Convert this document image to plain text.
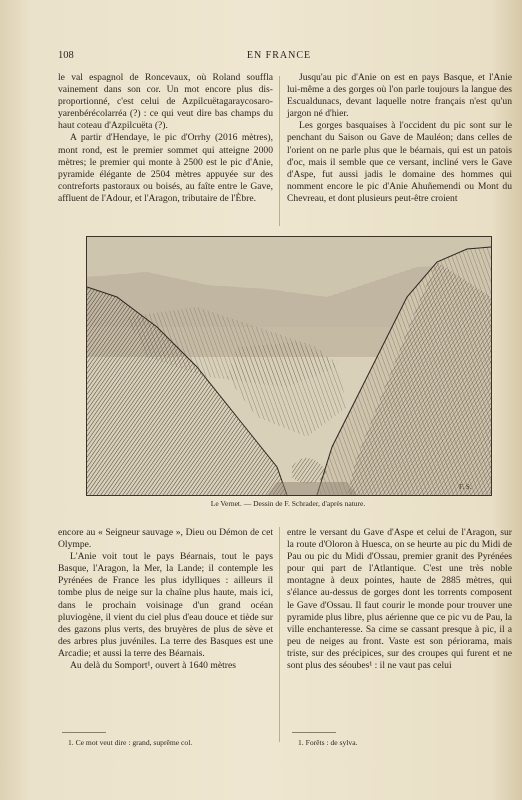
108	EN FRANCE

le val espagnol de Roncevaux, où Roland souffla vainement dans son cor. Un mot encore plus disproportionné, c'est celui de Azpilcuëtagaraycosaroyarenbérécolarréa (?) : ce qui veut dire bas champs du haut coteau d'Azpilcuëta (?).

A partir d'Hendaye, le pic d'Orrhy (2016 mètres), mont rond, est le premier sommet qui atteigne 2000 mètres; le premier qui monte à 2500 est le pic d'Anie, pyramide élégante de 2504 mètres appuyée sur des contreforts pastoraux ou boisés, au faîte entre le Gave, affluent de l'Adour, et l'Aragon, tributaire de l'Èbre.

Jusqu'au pic d'Anie on est en pays Basque, et l'Anie lui-même a des gorges où l'on parle toujours la langue des Escualdunacs, devant laquelle notre français n'est qu'un jargon né d'hier.

Les gorges basquaises à l'occident du pic sont sur le penchant du Saison ou Gave de Mauléon; dans celles de l'orient on ne parle plus que le béarnais, qui est un patois d'oc, mais il semble que ce versant, incliné vers le Gave d'Aspe, fut aussi jadis le domaine des hommes qui nomment encore le pic d'Anie Ahuñemendi ou Mont du Chevreau, et dont plusieurs peut-être croient

F. S.
Le Vernet. — Dessin de F. Schrader, d'après nature.

encore au « Seigneur sauvage », Dieu ou Démon de cet Olympe.

L'Anie voit tout le pays Béarnais, tout le pays Basque, l'Aragon, la Mer, la Lande; il contemple les Pyrénées de France les plus idylliques : ailleurs il tombe plus de neige sur la chaîne plus haute, mais ici, dans le prochain voisinage d'un grand océan pluviogène, il vient du ciel plus d'eau douce et tiède sur des gazons plus verts, des bruyères de plus de sève et des arbres plus juvéniles. La terre des Basques est une Arcadie; et aussi la terre des Béarnais.

Au delà du Somport¹, ouvert à 1640 mètres

entre le versant du Gave d'Aspe et celui de l'Aragon, sur la route d'Oloron à Huesca, on se heurte au pic du Midi de Pau ou pic du Midi d'Ossau, premier granit des Pyrénées pour qui part de l'Atlantique. C'est une très noble montagne à deux pointes, haute de 2885 mètres, qui s'élance au-dessus de gorges dont les torrents composent le Gave d'Ossau. Il faut courir le monde pour trouver une pyramide plus libre, plus aérienne que ce pic vu de Pau, la ville enchanteresse. Sa cime se cassant presque à pic, il a peu de neiges au front. Vaste est son périorama, mais triste, sur des précipices, sur des croupes qui furent et ne sont plus des séoubes¹ : il ne vaut pas celui

1. Ce mot veut dire : grand, suprême col.	1. Forêts : de sylva.
